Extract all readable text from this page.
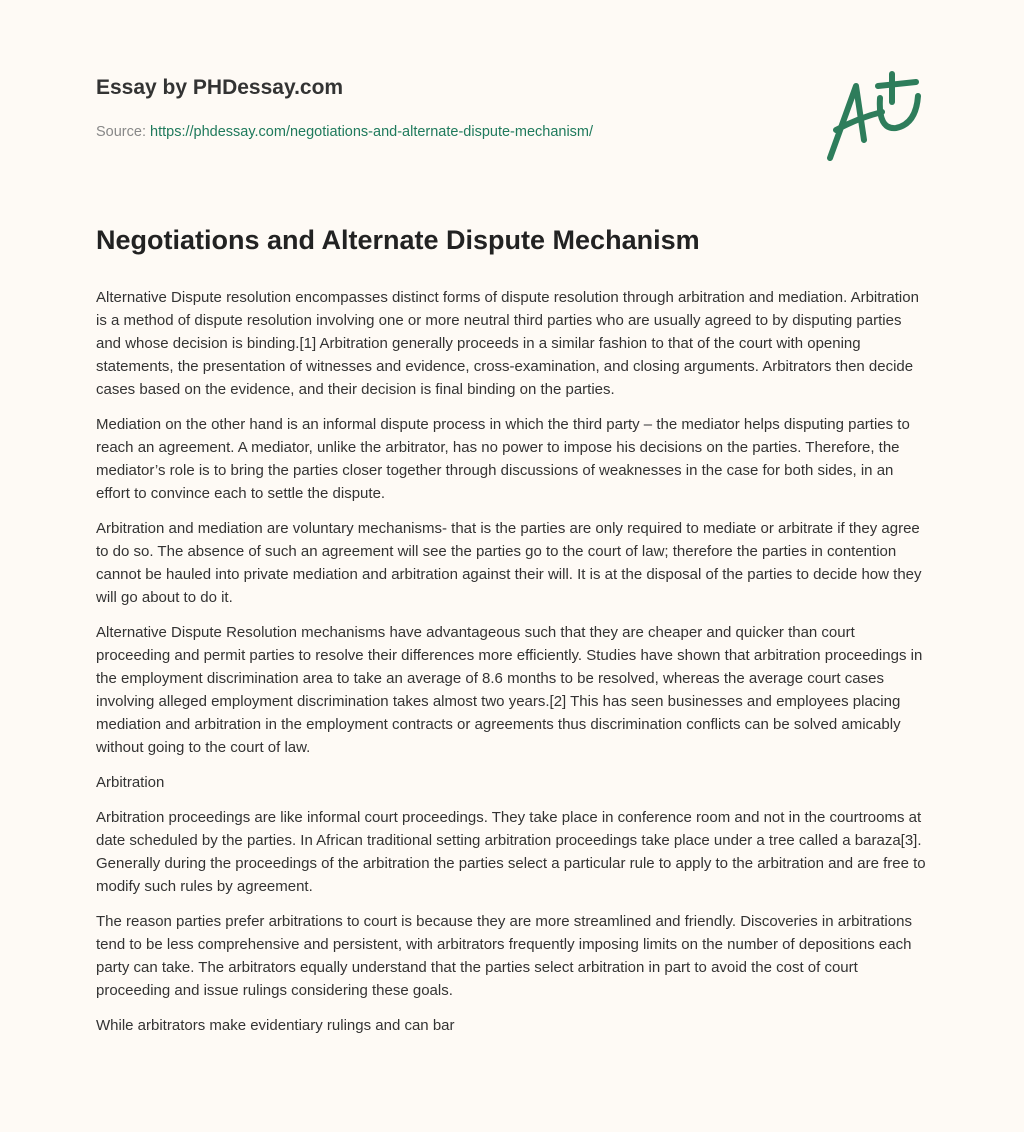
Essay by PHDessay.com
Source: https://phdessay.com/negotiations-and-alternate-dispute-mechanism/
Negotiations and Alternate Dispute Mechanism

Alternative Dispute resolution encompasses distinct forms of dispute resolution through arbitration and mediation. Arbitration is a method of dispute resolution involving one or more neutral third parties who are usually agreed to by disputing parties and whose decision is binding.[1] Arbitration generally proceeds in a similar fashion to that of the court with opening statements, the presentation of witnesses and evidence, cross-examination, and closing arguments. Arbitrators then decide cases based on the evidence, and their decision is final binding on the parties.

Mediation on the other hand is an informal dispute process in which the third party – the mediator helps disputing parties to reach an agreement. A mediator, unlike the arbitrator, has no power to impose his decisions on the parties. Therefore, the mediator’s role is to bring the parties closer together through discussions of weaknesses in the case for both sides, in an effort to convince each to settle the dispute.

Arbitration and mediation are voluntary mechanisms- that is the parties are only required to mediate or arbitrate if they agree to do so. The absence of such an agreement will see the parties go to the court of law; therefore the parties in contention cannot be hauled into private mediation and arbitration against their will. It is at the disposal of the parties to decide how they will go about to do it.

Alternative Dispute Resolution mechanisms have advantageous such that they are cheaper and quicker than court proceeding and permit parties to resolve their differences more efficiently. Studies have shown that arbitration proceedings in the employment discrimination area to take an average of 8.6 months to be resolved, whereas the average court cases involving alleged employment discrimination takes almost two years.[2] This has seen businesses and employees placing mediation and arbitration in the employment contracts or agreements thus discrimination conflicts can be solved amicably without going to the court of law.

Arbitration

Arbitration proceedings are like informal court proceedings. They take place in conference room and not in the courtrooms at date scheduled by the parties. In African traditional setting arbitration proceedings take place under a tree called a baraza[3]. Generally during the proceedings of the arbitration the parties select a particular rule to apply to the arbitration and are free to modify such rules by agreement.

The reason parties prefer arbitrations to court is because they are more streamlined and friendly. Discoveries in arbitrations tend to be less comprehensive and persistent, with arbitrators frequently imposing limits on the number of depositions each party can take. The arbitrators equally understand that the parties select arbitration in part to avoid the cost of court proceeding and issue rulings considering these goals.

While arbitrators make evidentiary rulings and can bar
